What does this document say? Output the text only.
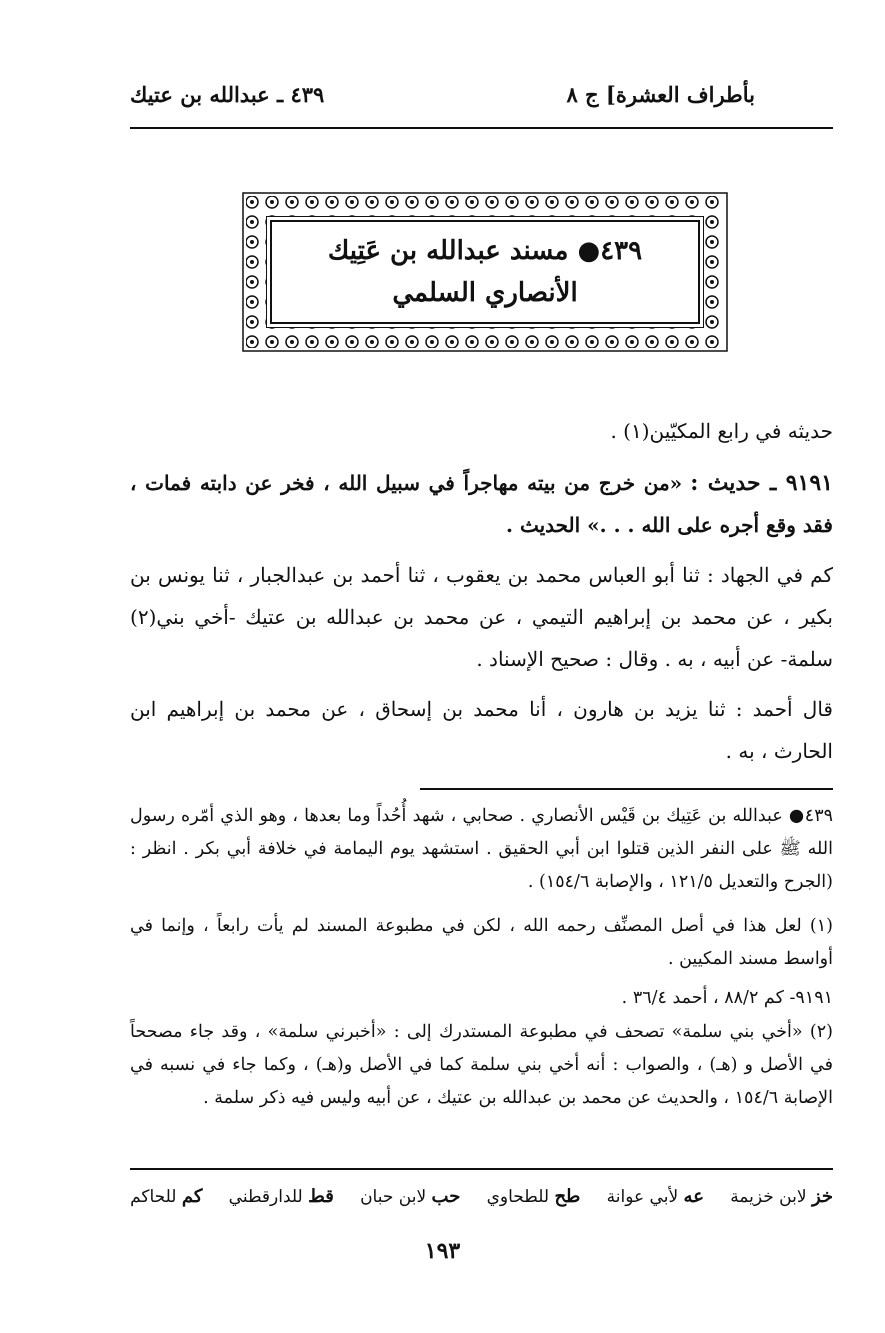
بأطراف العشرة] ج ٨
٤٣٩ ـ عبدالله بن عتيك
٤٣٩● مسند عبدالله بن عَتِيك
الأنصاري السلمي
حديثه في رابع المكيّين(١) .
٩١٩١ ـ حديث : «من خرج من بيته مهاجراً في سبيل الله ، فخر عن دابته فمات ، فقد وقع أجره على الله . . .» الحديث .
كم في الجهاد : ثنا أبو العباس محمد بن يعقوب ، ثنا أحمد بن عبدالجبار ، ثنا يونس بن بكير ، عن محمد بن إبراهيم التيمي ، عن محمد بن عبدالله بن عتيك -أخي بني(٢) سلمة- عن أبيه ، به . وقال : صحيح الإسناد .
قال أحمد : ثنا يزيد بن هارون ، أنا محمد بن إسحاق ، عن محمد بن إبراهيم ابن الحارث ، به .
٤٣٩● عبدالله بن عَتِيك بن قَيْس الأنصاري . صحابي ، شهد أُحُداً وما بعدها ، وهو الذي أمّره رسول الله ﷺ على النفر الذين قتلوا ابن أبي الحقيق . استشهد يوم اليمامة في خلافة أبي بكر . انظر : (الجرح والتعديل ١٢١/٥ ، والإصابة ١٥٤/٦) .
(١) لعل هذا في أصل المصنِّف رحمه الله ، لكن في مطبوعة المسند لم يأت رابعاً ، وإنما في أواسط مسند المكيين .
٩١٩١- كم ٨٨/٢ ، أحمد ٣٦/٤ .
(٢) «أخي بني سلمة» تصحف في مطبوعة المستدرك إلى : «أخبرني سلمة» ، وقد جاء مصححاً في الأصل و (هـ) ، والصواب : أنه أخي بني سلمة كما في الأصل و(هـ) ، وكما جاء في نسبه في الإصابة ١٥٤/٦ ، والحديث عن محمد بن عبدالله بن عتيك ، عن أبيه وليس فيه ذكر سلمة .
خز لابن خزيمة
عه لأبي عوانة
طح للطحاوي
حب لابن حبان
قط للدارقطني
كم للحاكم
١٩٣
